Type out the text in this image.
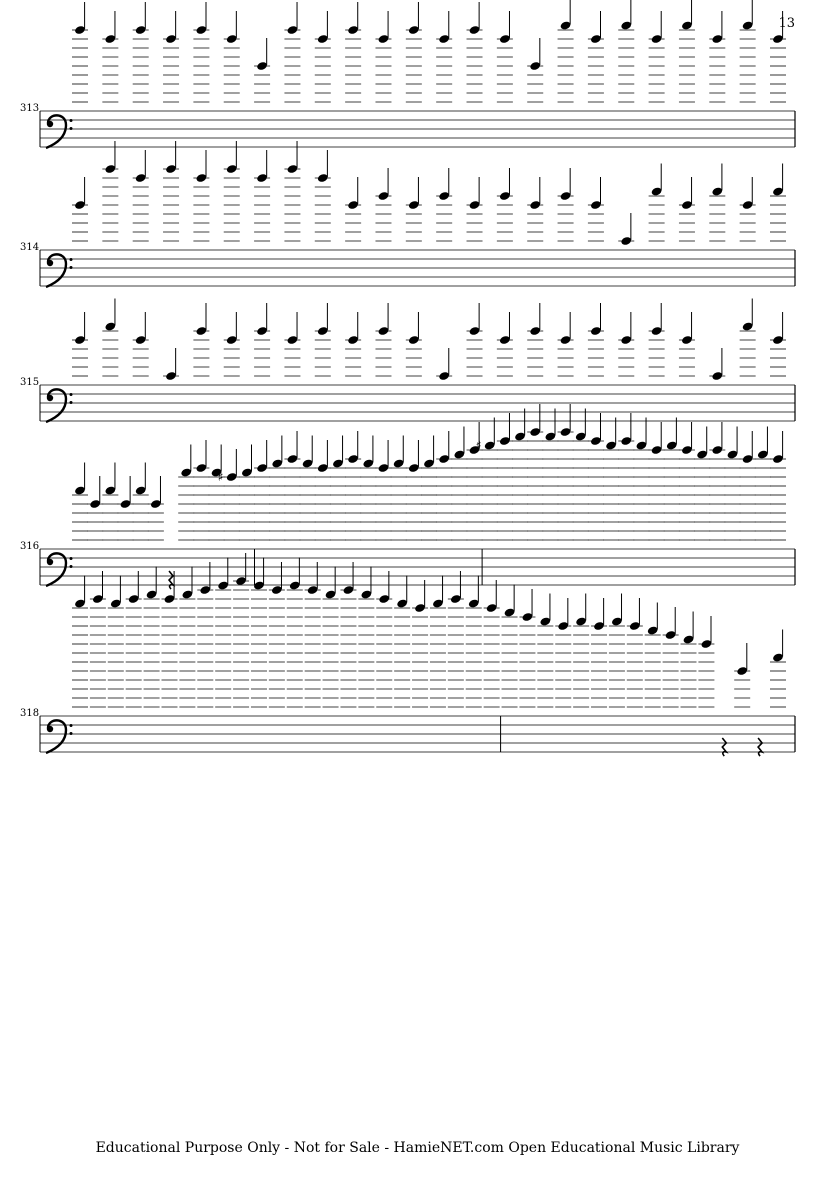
13
313
314
315
316
♯
♯
318
Educational Purpose Only - Not for Sale - HamieNET.com Open Educational Music Library
